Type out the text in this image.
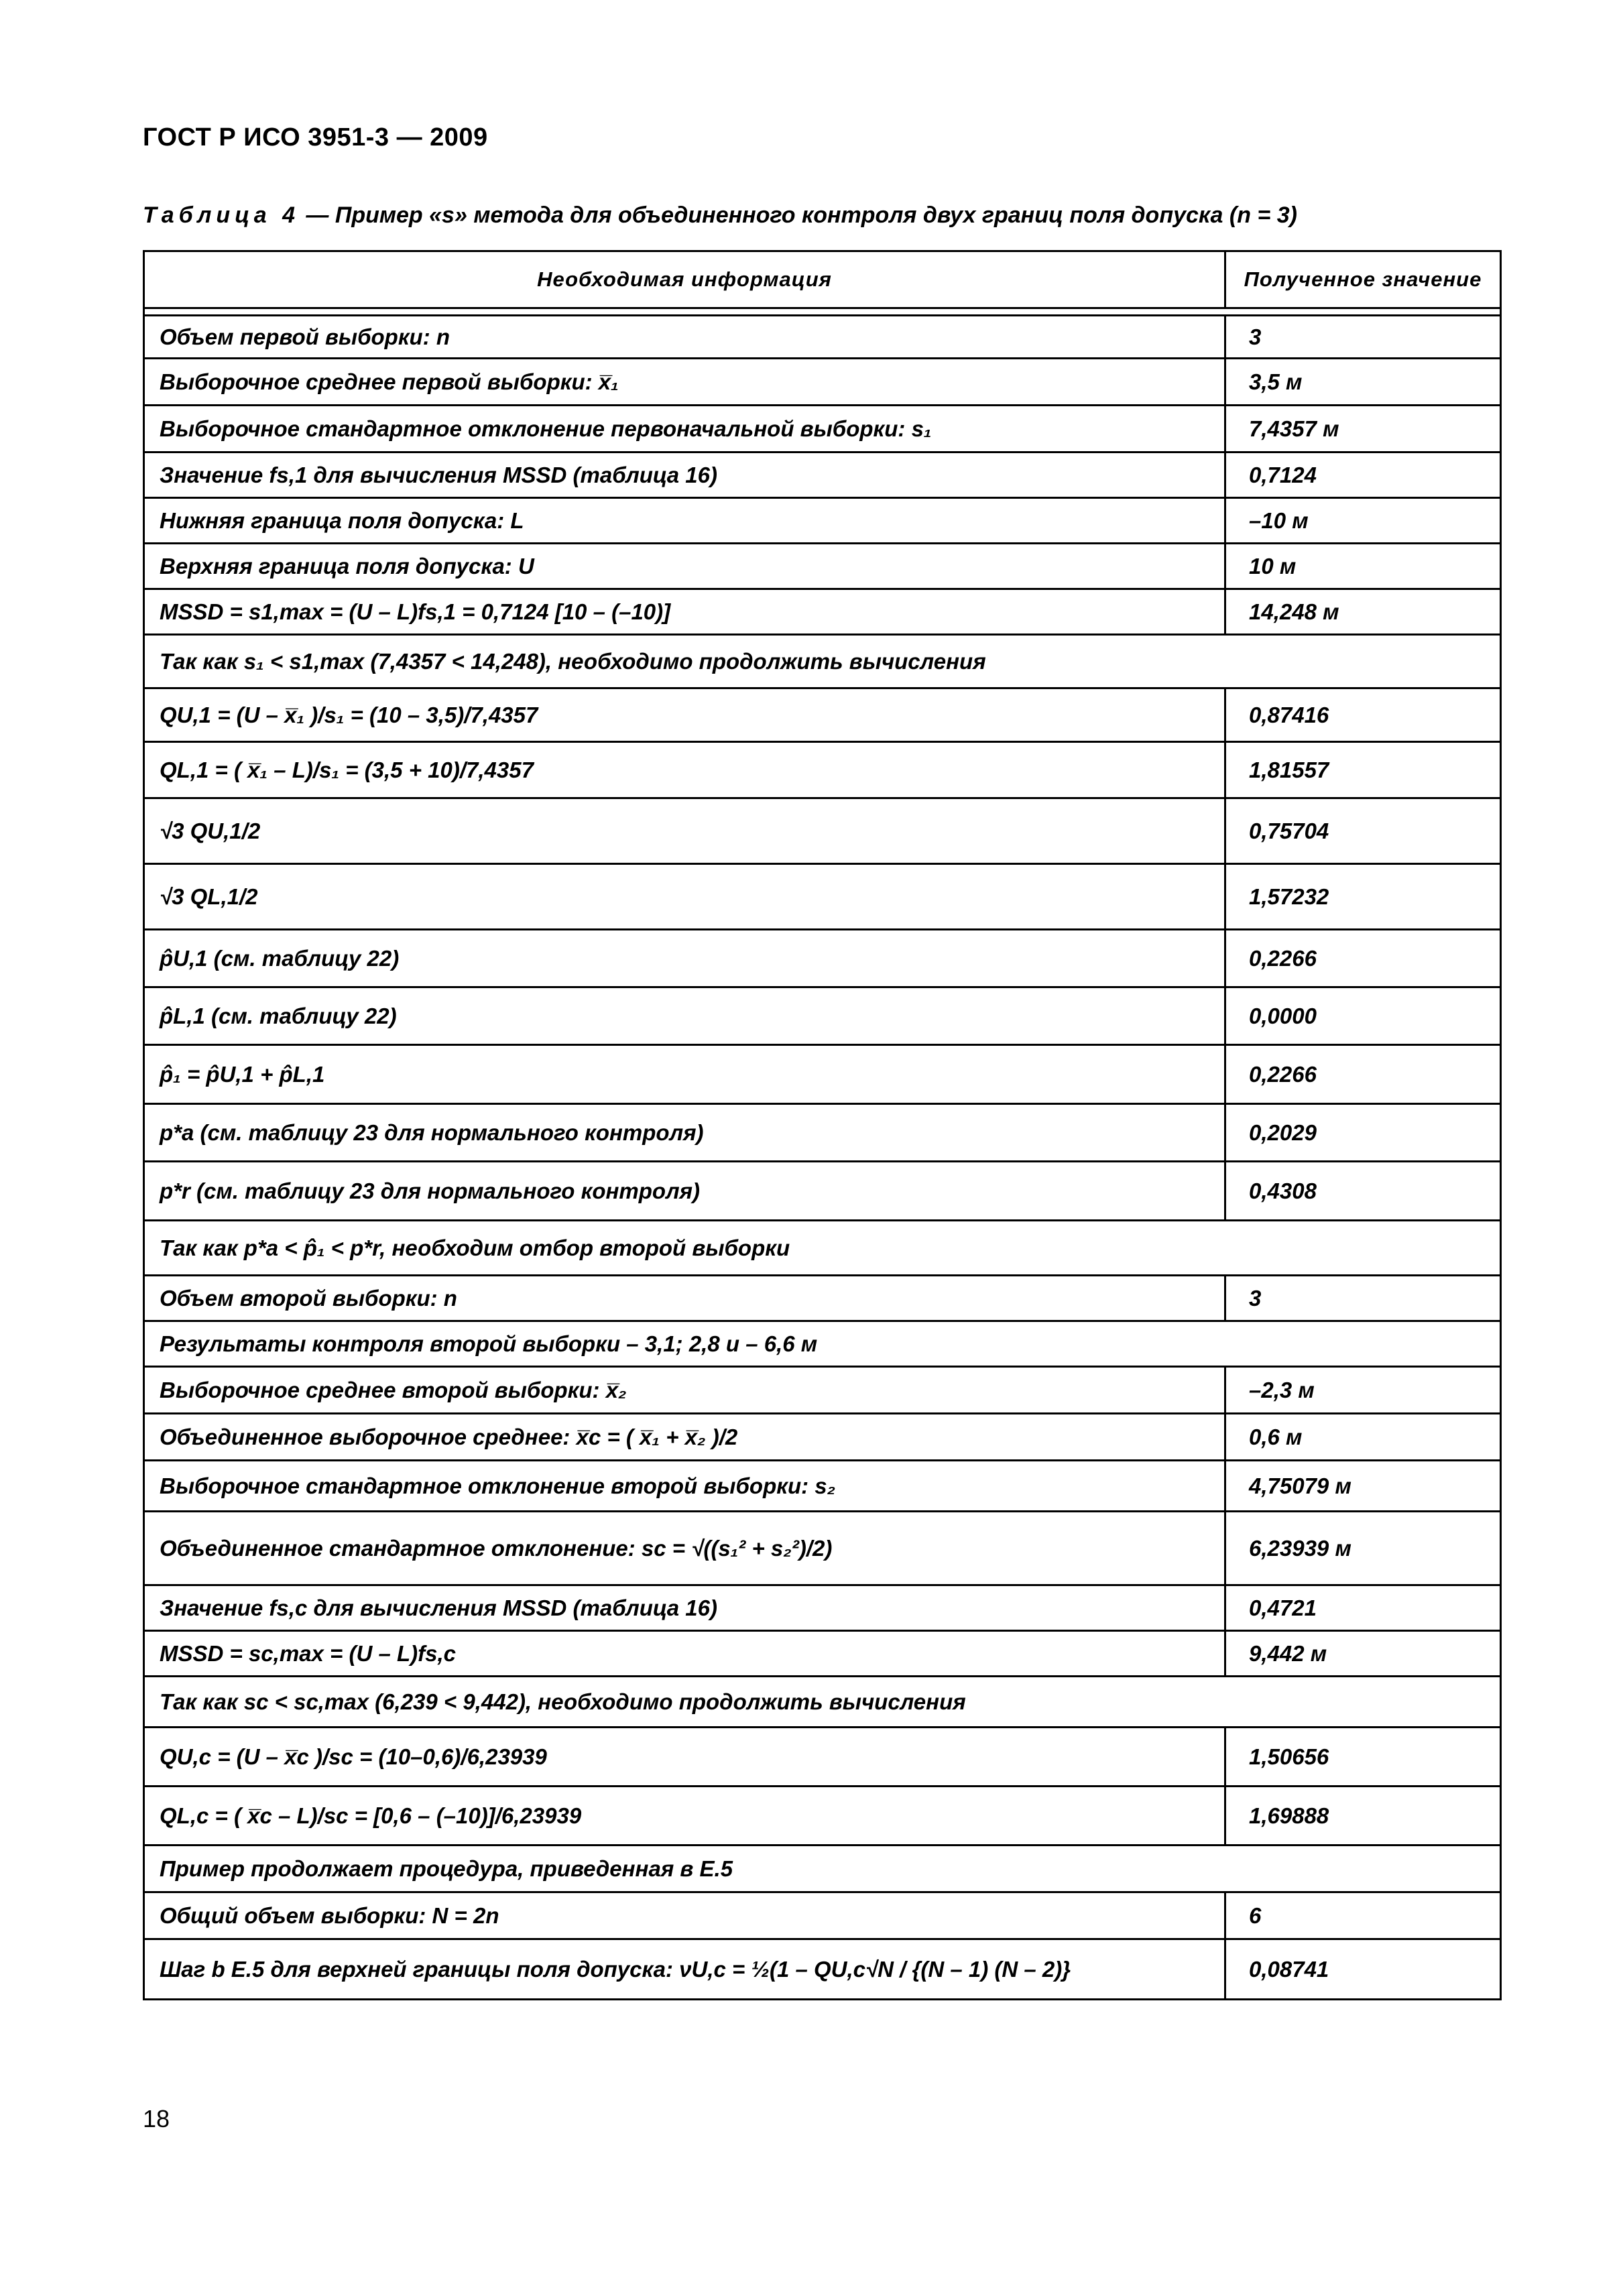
ГОСТ Р ИСО 3951-3 — 2009
Таблица 4 — Пример «s» метода для объединенного контроля двух границ поля допуска (n = 3)
Необходимая информация	Полученное значение

Объем первой выборки: n	3
Выборочное среднее первой выборки: x̅₁	3,5 м
Выборочное стандартное отклонение первоначальной выборки: s₁	7,4357 м
Значение fs,1 для вычисления MSSD (таблица 16)	0,7124
Нижняя граница поля допуска: L	–10 м
Верхняя граница поля допуска: U	10 м
MSSD = s1,max = (U – L)fs,1 = 0,7124 [10 – (–10)]	14,248 м
Так как s₁ < s1,max (7,4357 < 14,248), необходимо продолжить вычисления	
QU,1 = (U – x̅₁ )/s₁ = (10 – 3,5)/7,4357	0,87416
QL,1 = ( x̅₁ – L)/s₁ = (3,5 + 10)/7,4357	1,81557
√3 QU,1/2	0,75704
√3 QL,1/2	1,57232
p̂U,1 (см. таблицу 22)	0,2266
p̂L,1 (см. таблицу 22)	0,0000
p̂₁ = p̂U,1 + p̂L,1	0,2266
p*a (см. таблицу 23 для нормального контроля)	0,2029
p*r (см. таблицу 23 для нормального контроля)	0,4308
Так как p*a < p̂₁ < p*r, необходим отбор второй выборки	
Объем второй выборки: n	3
Результаты контроля второй выборки – 3,1; 2,8 и – 6,6 м	
Выборочное среднее второй выборки: x̅₂	–2,3 м
Объединенное выборочное среднее: x̅c = ( x̅₁ + x̅₂ )/2	0,6 м
Выборочное стандартное отклонение второй выборки: s₂	4,75079 м
Объединенное стандартное отклонение: sc = √((s₁² + s₂²)/2)	6,23939 м
Значение fs,c для вычисления MSSD (таблица 16)	0,4721
MSSD = sc,max = (U – L)fs,c	9,442 м
Так как sc < sc,max (6,239 < 9,442), необходимо продолжить вычисления	
QU,c = (U – x̅c )/sc = (10–0,6)/6,23939	1,50656
QL,c = ( x̅c – L)/sc = [0,6 – (–10)]/6,23939	1,69888
Пример продолжает процедура, приведенная в Е.5	
Общий объем выборки: N = 2n	6
Шаг b Е.5 для верхней границы поля допуска: νU,c = ½(1 – QU,c√N / {(N – 1) (N – 2)}	0,08741
18
